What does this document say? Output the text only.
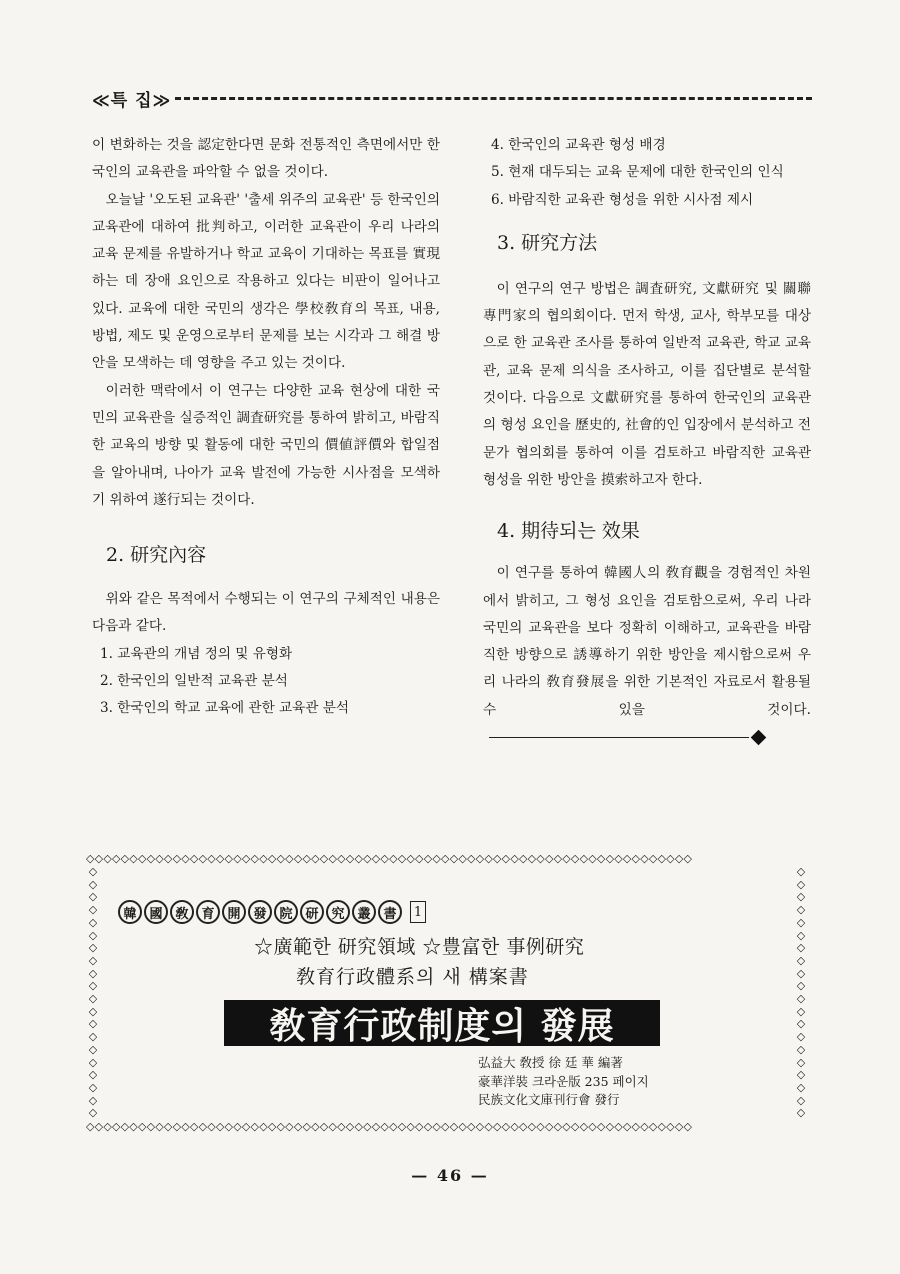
≪특 집≫

이 변화하는 것을 認定한다면 문화 전통적인 측면에서만 한국인의 교육관을 파악할 수 없을 것이다.

오늘날 '오도된 교육관' '출세 위주의 교육관' 등 한국인의 교육관에 대하여 批判하고, 이러한 교육관이 우리 나라의 교육 문제를 유발하거나 학교 교육이 기대하는 목표를 實現하는 데 장애 요인으로 작용하고 있다는 비판이 일어나고 있다. 교육에 대한 국민의 생각은 學校敎育의 목표, 내용, 방법, 제도 및 운영으로부터 문제를 보는 시각과 그 해결 방안을 모색하는 데 영향을 주고 있는 것이다.

이러한 맥락에서 이 연구는 다양한 교육 현상에 대한 국민의 교육관을 실증적인 調査研究를 통하여 밝히고, 바람직한 교육의 방향 및 활동에 대한 국민의 價値評價와 합일점을 알아내며, 나아가 교육 발전에 가능한 시사점을 모색하기 위하여 遂行되는 것이다.

2. 研究內容

위와 같은 목적에서 수행되는 이 연구의 구체적인 내용은 다음과 같다.

1. 교육관의 개념 정의 및 유형화
2. 한국인의 일반적 교육관 분석
3. 한국인의 학교 교육에 관한 교육관 분석
4. 한국인의 교육관 형성 배경
5. 현재 대두되는 교육 문제에 대한 한국인의 인식
6. 바람직한 교육관 형성을 위한 시사점 제시
3. 研究方法

이 연구의 연구 방법은 調査研究, 文獻研究 및 關聯專門家의 협의회이다. 먼저 학생, 교사, 학부모를 대상으로 한 교육관 조사를 통하여 일반적 교육관, 학교 교육관, 교육 문제 의식을 조사하고, 이를 집단별로 분석할 것이다. 다음으로 文獻研究를 통하여 한국인의 교육관의 형성 요인을 歷史的, 社會的인 입장에서 분석하고 전문가 협의회를 통하여 이를 검토하고 바람직한 교육관 형성을 위한 방안을 摸索하고자 한다.

4. 期待되는 效果

이 연구를 통하여 韓國人의 敎育觀을 경험적인 차원에서 밝히고, 그 형성 요인을 검토함으로써, 우리 나라 국민의 교육관을 보다 정확히 이해하고, 교육관을 바람직한 방향으로 誘導하기 위한 방안을 제시함으로써 우리 나라의 敎育發展을 위한 기본적인 자료로서 활용될 수 있을 것이다.

◇◇◇◇◇◇◇◇◇◇◇◇◇◇◇◇◇◇◇◇◇◇◇◇◇◇◇◇◇◇◇◇◇◇◇◇◇◇◇◇◇◇◇◇◇◇◇◇◇◇◇◇◇◇◇◇◇◇◇◇◇◇◇◇◇◇◇◇◇◇
◇◇◇◇◇◇◇◇◇◇◇◇◇◇◇◇◇◇◇◇◇◇◇◇◇◇◇◇◇◇◇◇◇◇◇◇◇◇◇◇◇◇◇◇◇◇◇◇◇◇◇◇◇◇◇◇◇◇◇◇◇◇◇◇◇◇◇◇◇◇
◇◇◇◇◇◇◇◇◇◇◇◇◇◇◇◇◇◇◇◇
◇◇◇◇◇◇◇◇◇◇◇◇◇◇◇◇◇◇◇◇
韓 國 敎 育 開 發 院 研 究 叢 書	1
☆廣範한 研究領域 ☆豊富한 事例研究
敎育行政體系의 새 構案書
敎育行政制度의 發展
弘益大 敎授 徐 廷 華 編著
豪華洋裝 크라운版 235 페이지
民族文化文庫刊行會 發行
— 46 —
